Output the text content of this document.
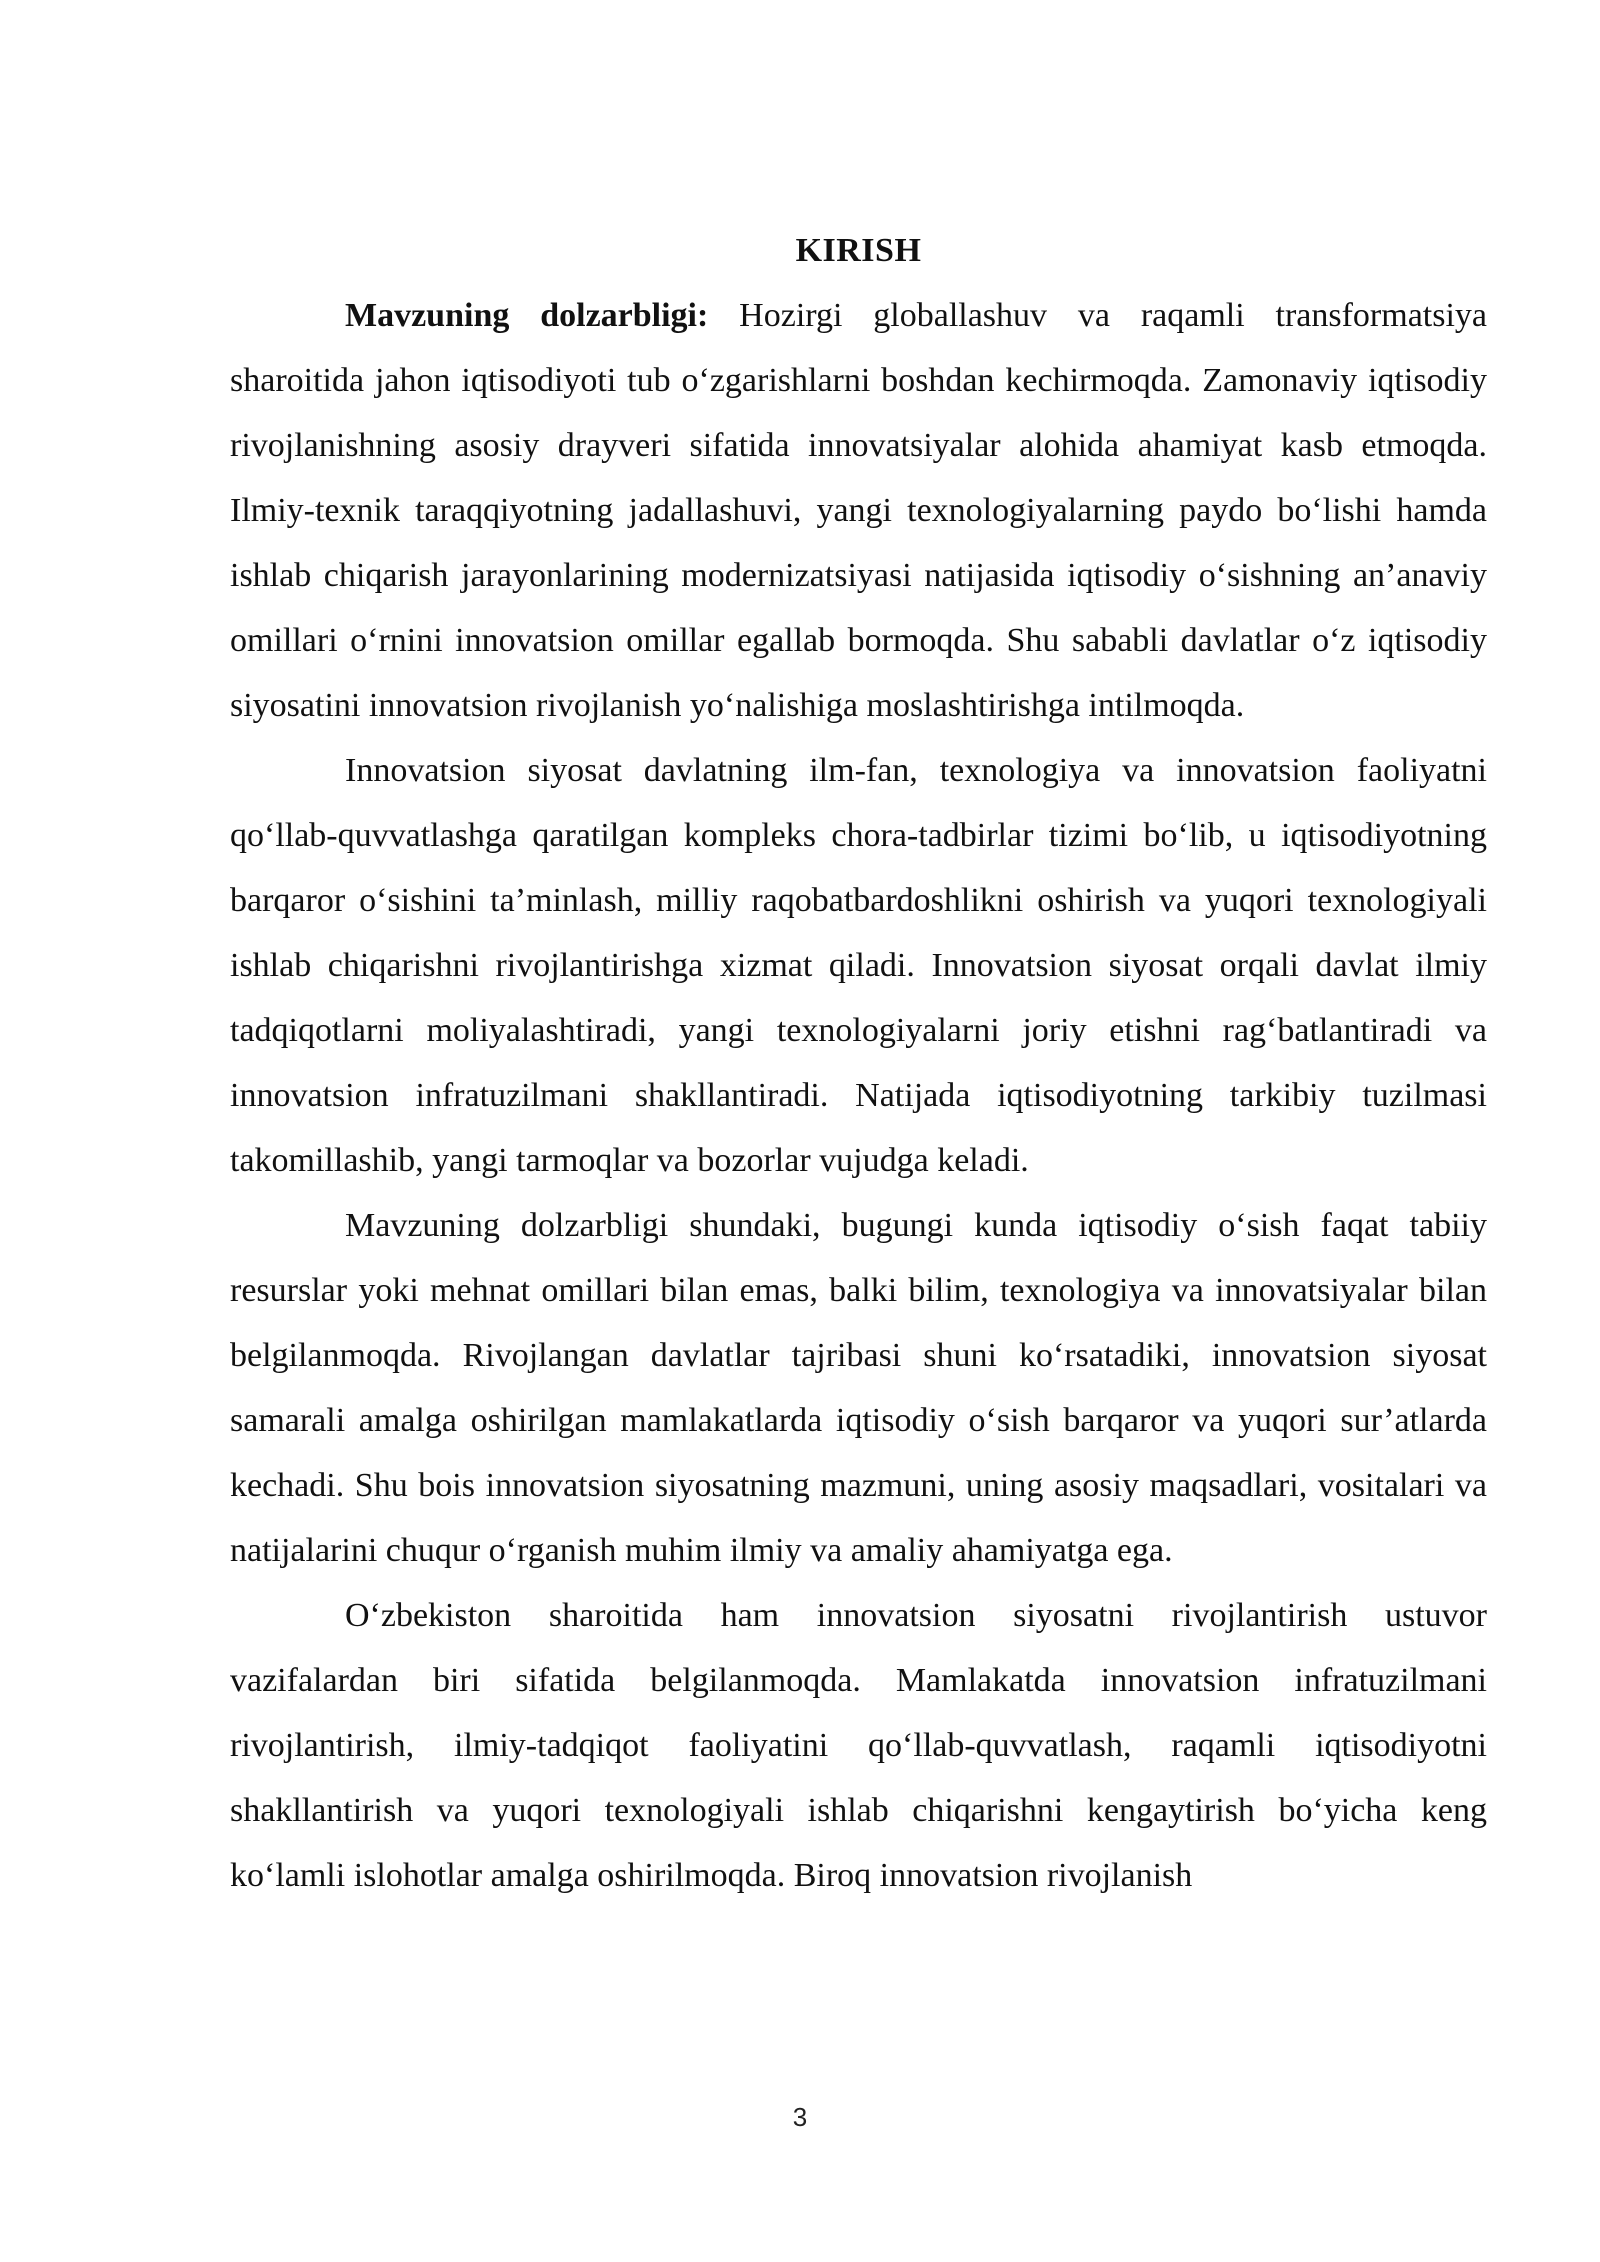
KIRISH

Mavzuning dolzarbligi: Hozirgi globallashuv va raqamli transformatsiya sharoitida jahon iqtisodiyoti tub o‘zgarishlarni boshdan kechirmoqda. Zamonaviy iqtisodiy rivojlanishning asosiy drayveri sifatida innovatsiyalar alohida ahamiyat kasb etmoqda. Ilmiy-texnik taraqqiyotning jadallashuvi, yangi texnologiyalarning paydo bo‘lishi hamda ishlab chiqarish jarayonlarining modernizatsiyasi natijasida iqtisodiy o‘sishning an’anaviy omillari o‘rnini innovatsion omillar egallab bormoqda. Shu sababli davlatlar o‘z iqtisodiy siyosatini innovatsion rivojlanish yo‘nalishiga moslashtirishga intilmoqda.

Innovatsion siyosat davlatning ilm-fan, texnologiya va innovatsion faoliyatni qo‘llab-quvvatlashga qaratilgan kompleks chora-tadbirlar tizimi bo‘lib, u iqtisodiyotning barqaror o‘sishini ta’minlash, milliy raqobatbardoshlikni oshirish va yuqori texnologiyali ishlab chiqarishni rivojlantirishga xizmat qiladi. Innovatsion siyosat orqali davlat ilmiy tadqiqotlarni moliyalashtiradi, yangi texnologiyalarni joriy etishni rag‘batlantiradi va innovatsion infratuzilmani shakllantiradi. Natijada iqtisodiyotning tarkibiy tuzilmasi takomillashib, yangi tarmoqlar va bozorlar vujudga keladi.

Mavzuning dolzarbligi shundaki, bugungi kunda iqtisodiy o‘sish faqat tabiiy resurslar yoki mehnat omillari bilan emas, balki bilim, texnologiya va innovatsiyalar bilan belgilanmoqda. Rivojlangan davlatlar tajribasi shuni ko‘rsatadiki, innovatsion siyosat samarali amalga oshirilgan mamlakatlarda iqtisodiy o‘sish barqaror va yuqori sur’atlarda kechadi. Shu bois innovatsion siyosatning mazmuni, uning asosiy maqsadlari, vositalari va natijalarini chuqur o‘rganish muhim ilmiy va amaliy ahamiyatga ega.

O‘zbekiston sharoitida ham innovatsion siyosatni rivojlantirish ustuvor vazifalardan biri sifatida belgilanmoqda. Mamlakatda innovatsion infratuzilmani rivojlantirish, ilmiy-tadqiqot faoliyatini qo‘llab-quvvatlash, raqamli iqtisodiyotni shakllantirish va yuqori texnologiyali ishlab chiqarishni kengaytirish bo‘yicha keng ko‘lamli islohotlar amalga oshirilmoqda. Biroq innovatsion rivojlanish

3
